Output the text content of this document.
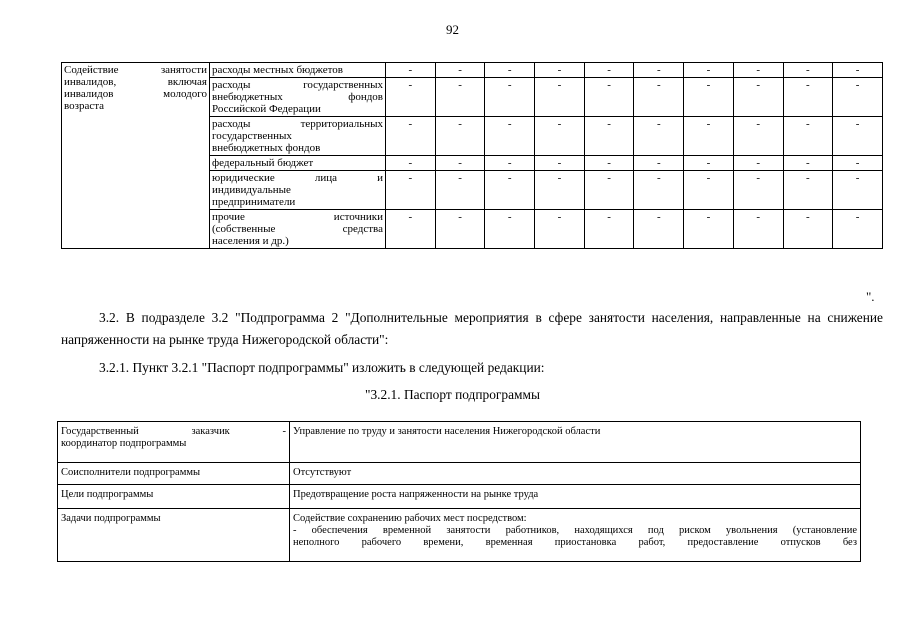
92
Содействие занятости
инвалидов, включая
инвалидов молодого
возраста	расходы местных бюджетов	-	-	-	-	-	-	-	-	-	-

	расходы государственных
внебюджетных фондов
Российской Федерации	-	-	-	-	-	-	-	-	-	-

	расходы территориальных
государственных
внебюджетных фондов	-	-	-	-	-	-	-	-	-	-

	федеральный бюджет	-	-	-	-	-	-	-	-	-	-

	юридические лица и
индивидуальные
предприниматели	-	-	-	-	-	-	-	-	-	-

	прочие источники
(собственные средства
населения и др.)	-	-	-	-	-	-	-	-	-	-
".
3.2. В подразделе 3.2 "Подпрограмма 2 "Дополнительные мероприятия в сфере занятости населения, направленные на снижение напряженности на рынке труда Нижегородской области":
3.2.1. Пункт 3.2.1 "Паспорт подпрограммы" изложить в следующей редакции:
"3.2.1. Паспорт подпрограммы
Государственный заказчик -
координатор подпрограммы	Управление по труду и занятости населения Нижегородской области
Соисполнители подпрограммы	Отсутствуют
Цели подпрограммы	Предотвращение роста напряженности на рынке труда
Задачи подпрограммы	Содействие сохранению рабочих мест посредством:
- обеспечения временной занятости работников, находящихся под риском увольнения (установление
неполного рабочего времени, временная приостановка работ, предоставление отпусков без
